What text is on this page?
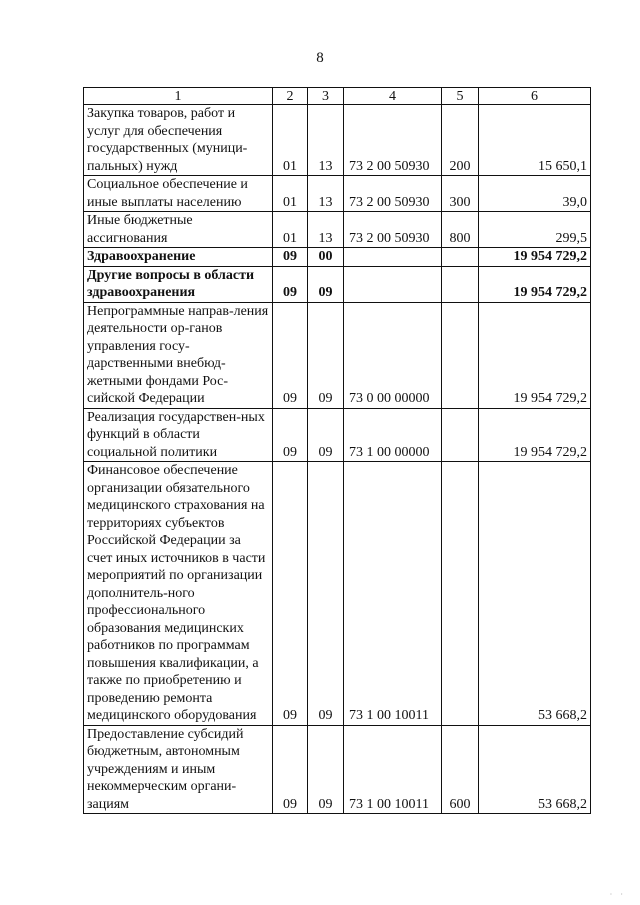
8
1	2	3	4	5	6
Закупка товаров, работ и услуг для обеспечения государственных (муници-пальных) нужд	01	13	73 2 00 50930	200	15 650,1
Социальное обеспечение и иные выплаты населению	01	13	73 2 00 50930	300	39,0
Иные бюджетные ассигнования	01	13	73 2 00 50930	800	299,5
Здравоохранение	09	00			19 954 729,2
Другие вопросы в области здравоохранения	09	09			19 954 729,2
Непрограммные направ-ления деятельности ор-ганов управления госу-дарственными внебюд-жетными фондами Рос-сийской Федерации	09	09	73 0 00 00000		19 954 729,2
Реализация государствен-ных функций в области социальной политики	09	09	73 1 00 00000		19 954 729,2
Финансовое обеспечение организации обязательного медицинского страхования на территориях субъектов Российской Федерации за счет иных источников в части мероприятий по организации дополнитель-ного профессионального образования медицинских работников по программам повышения квалификации, а также по приобретению и проведению ремонта медицинского оборудования	09	09	73 1 00 10011		53 668,2
Предоставление субсидий бюджетным, автономным учреждениям и иным некоммерческим органи-зациям	09	09	73 1 00 10011	600	53 668,2
· ·
